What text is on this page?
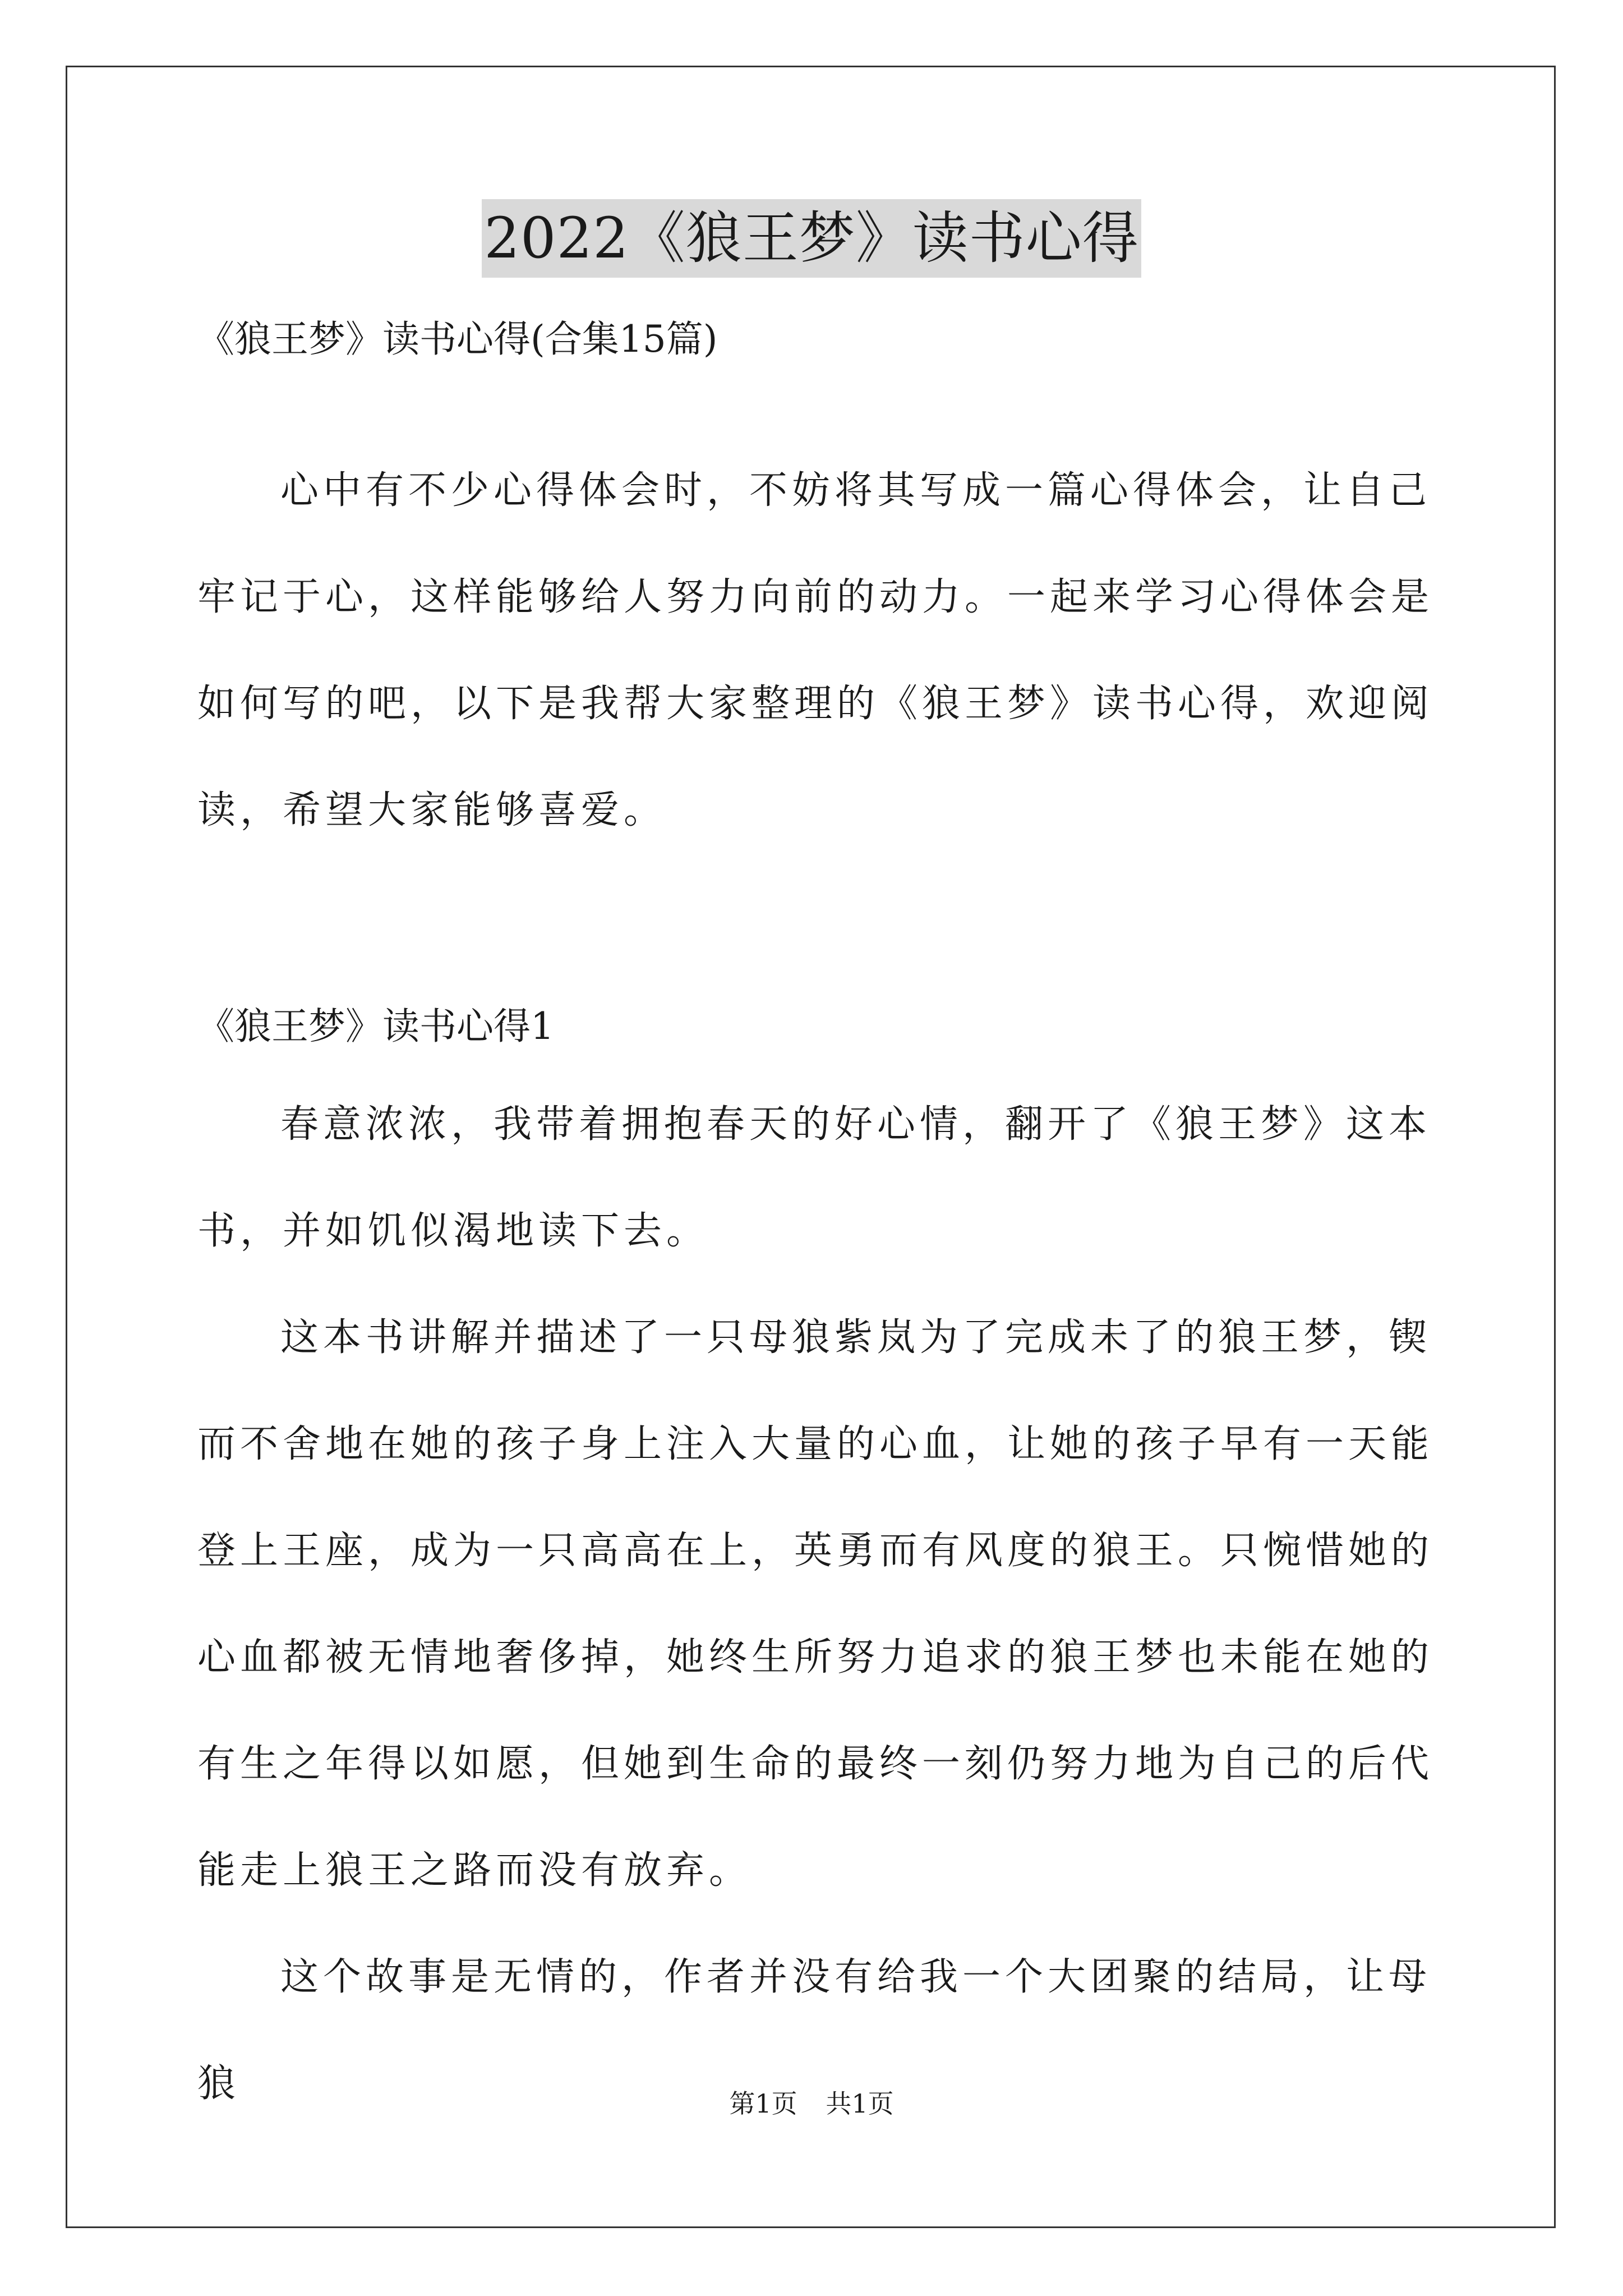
2022《狼王梦》读书心得
《狼王梦》读书心得(合集15篇)

心中有不少心得体会时，不妨将其写成一篇心得体会，让自己牢记于心，这样能够给人努力向前的动力。一起来学习心得体会是如何写的吧，以下是我帮大家整理的《狼王梦》读书心得，欢迎阅读，希望大家能够喜爱。

《狼王梦》读书心得1

春意浓浓，我带着拥抱春天的好心情，翻开了《狼王梦》这本书，并如饥似渴地读下去。

这本书讲解并描述了一只母狼紫岚为了完成未了的狼王梦，锲而不舍地在她的孩子身上注入大量的心血，让她的孩子早有一天能登上王座，成为一只高高在上，英勇而有风度的狼王。只惋惜她的心血都被无情地奢侈掉，她终生所努力追求的狼王梦也未能在她的有生之年得以如愿，但她到生命的最终一刻仍努力地为自己的后代能走上狼王之路而没有放弃。

这个故事是无情的，作者并没有给我一个大团聚的结局，让母狼	第1页 共1页
